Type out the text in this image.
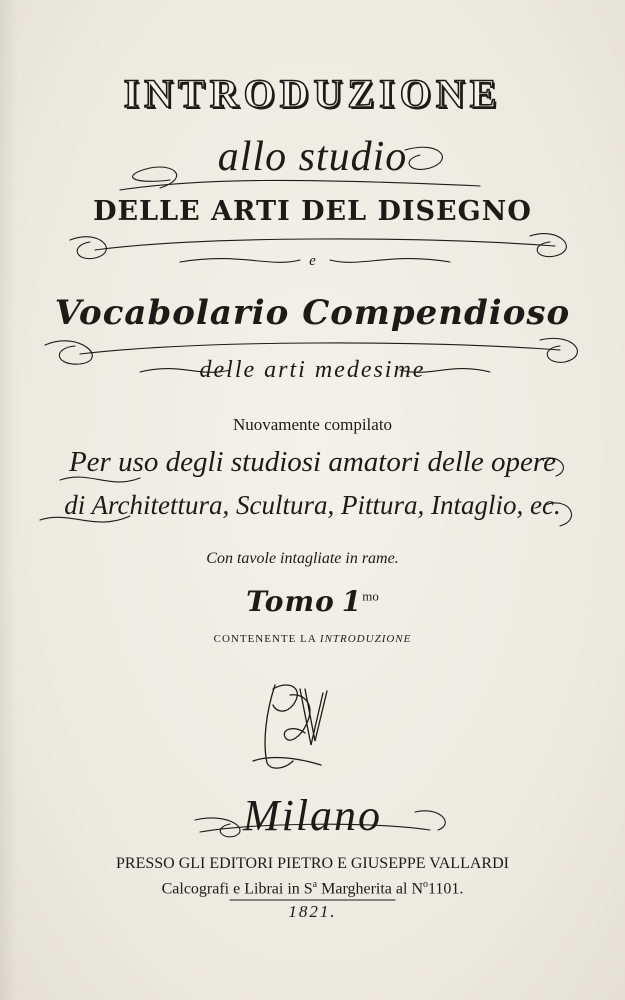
INTRODUZIONE
allo studio
DELLE ARTI DEL DISEGNO
e
Vocabolario Compendioso
delle arti medesime
Nuovamente compilato
Per uso degli studiosi amatori delle opere
di Architettura, Scultura, Pittura, Intaglio, ec.
Con tavole intagliate in rame.
Tomo $1^{mo}$
CONTENENTE LA INTRODUZIONE
Milano
PRESSO GLI EDITORI PIETRO E GIUSEPPE VALLARDI
Calcografi e Librai in $S^a$ Margherita al $N^o1101$.
1821.
